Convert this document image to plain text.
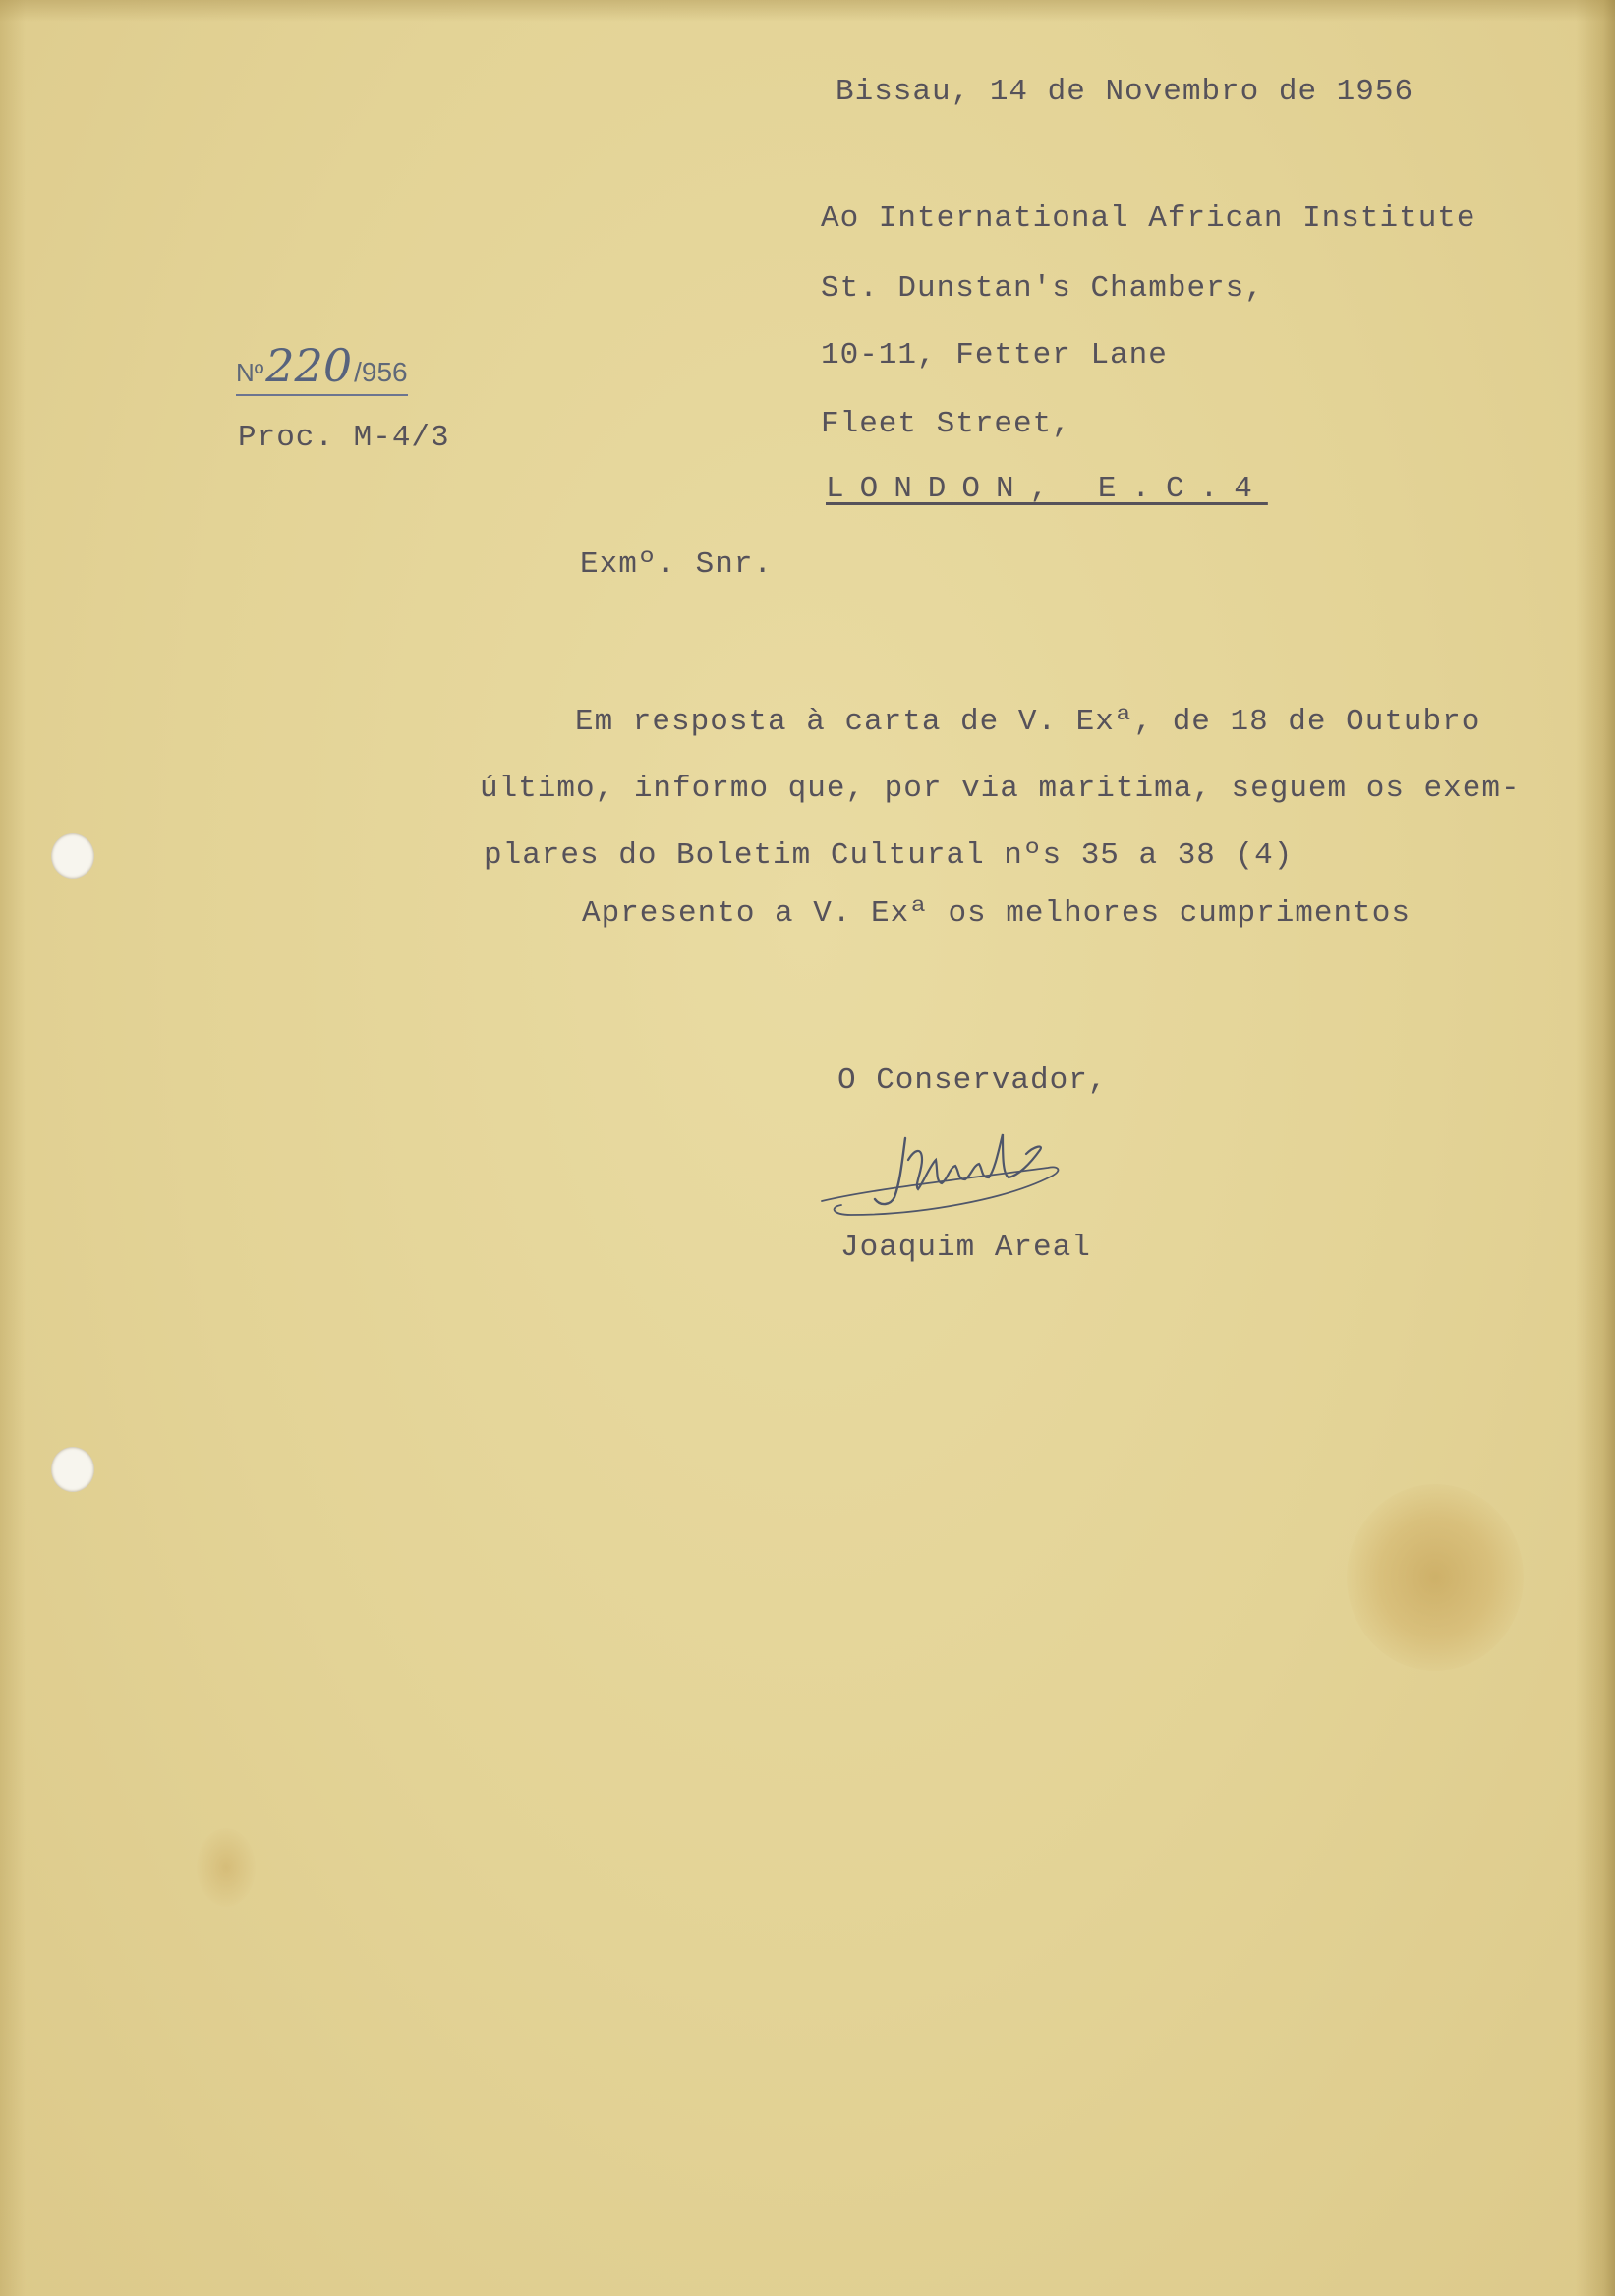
Bissau, 14 de Novembro de 1956
Ao International African Institute
St. Dunstan's Chambers,
10-11, Fetter Lane
Fleet Street,
LONDON, E.C.4
Nº220/956
Proc. M-4/3
Exmº. Snr.
Em resposta à carta de V. Exª, de 18 de Outubro
último, informo que, por via maritima, seguem os exem-
plares do Boletim Cultural nºs 35 a 38 (4)
Apresento a V. Exª os melhores cumprimentos
O Conservador,
Joaquim Areal
